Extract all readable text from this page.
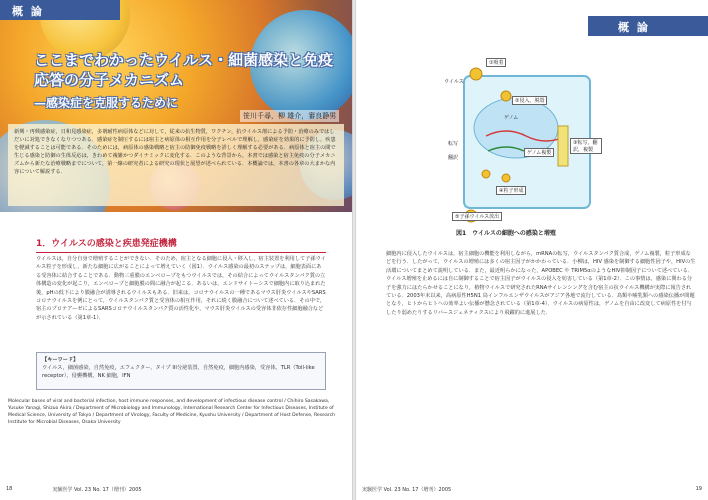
概 論
ここまでわかったウイルス・細菌感染と免疫応答の分子メカニズム
—感染症を克服するために
笹川千尋，柳 雄介，審良静男
新興・再興感染症，日和見感染症，多剤耐性病原体などに対して，従来の抗生物質，ワクチン，抗ウイルス剤による予防・治療のみではしだいに対処できなくなりつつある．感染症を制圧するには宿主と病原体の相互作用を分子レベルで理解し，感染症を効果的に予防し，疾患を軽減することは可能である．そのためには，病原体の感染戦略と宿主の防御免疫戦略を詳しく理解する必要がある．病原体と宿主の間で生じる感染と防御の生体反応は，きわめて複雑かつダイナミックに変化する．このような背景から，本書では感染と宿主免疫の分子メカニズムから新たな治療戦略までについて，第一線の研究者による研究の現状と展望が述べられている．本概論では，本書の各章の大まかな内容について解説する．
1．ウイルスの感染と疾患発症機構
ウイルスは，自分自身で増殖することができない．そのため，宿主となる細胞に侵入・移入し，宿主装置を利用して子孫ウイルス粒子を形成し，新たな細胞に広がることによって増えていく（図1）．ウイルス感染の最初のステップは，細胞表面にある受容体に結合することである．動物三重膜のエンベロープをもつウイルスでは，その結合によってウイルスタンパク質の立体構造の変化が起こり，エンベロープと細胞膜の間に融合が起こる．あるいは，エンドサイトーシスで細胞内に取り込まれた後，pHの低下により膜融合が誘導されるウイルスもある．旧来は，コロナウイルスの一種であるマウス肝炎ウイルスやSARSコロナウイルスを例にとって，ウイルスタンパク質と受容体の相互作用，それに続く膜融合について述べている．その中で，宿主のプロテアーゼによるSARSコロナウイルスタンパク質の活性化や，マウス肝炎ウイルスの受容体非依存性細胞融合などが示されている（第1章-1）．
【キーワード】
ウイルス，細菌感染，自然免疫，エフェクター，タイプ III分泌装置，自然免疫，細胞内感染，受容体，TLR（Toll-like receptor），侵襲機構，NK 細胞，IFN
Molecular bases of viral and bacterial infection, host immune responses, and development of infectious disease control / Chihiro Sasakawa, Yusuke Yanagi, Shizuo Akira / Department of Microbiology and Immunology, International Research Center for Infectious Diseases, Institute of Medical Science, University of Tokyo / Department of Virology, Faculty of Medicine, Kyushu University / Department of Host Defense, Research Institute for Microbial Diseases, Osaka University
18	実験医学 Vol. 23 No. 17（増刊）2005
概 論
①吸着
ウイルス
②侵入，脱殻
ゲノム
転写
翻訳
ゲノム複製
③転写，翻訳，複製
④粒子形成
⑤子孫ウイルス放出
図1　ウイルスの細胞への感染と増殖
細胞内に侵入したウイルスは，宿主細胞の機能を利用しながら，mRNAの転写，ウイルスタンパク質合成，ゲノム複製，粒子形成などを行う．したがって，ウイルスの増殖には多くの宿主因子がかかわっている．小柳は，HIV 感染を制御する細胞性因子や，HIVの生活環についてまとめて説明している．また，最近明らかになった，APOBEC や TRIM5αのようなHIV抑制因子について述べている．ウイルス増殖を止めるには自に制御することで宿主因子がウイルスの侵入を妨害している（第1章-2）．この事情は，感染に関わる分子を強力にはたらかせることになり，植物ウイルスで研究されたRNAサイレンシングを含む宿主の抗ウイルス機構が実際に報告されている．2003年末以来，高病原性H5N1 鳥インフルエンザウイルスがアジア各地で流行している．鳥類や哺乳類への感染伝播が問題となり，ヒトからヒトへの効率よい伝播が懸念されている（第1章-4）．ウイルスの病原性は，ゲノムを自由に改変して病原性を付与したり弱めたりするリバースジェネティクスにより飛躍的に進展した．
実験医学 Vol. 23 No. 17（増刊）2005	19
